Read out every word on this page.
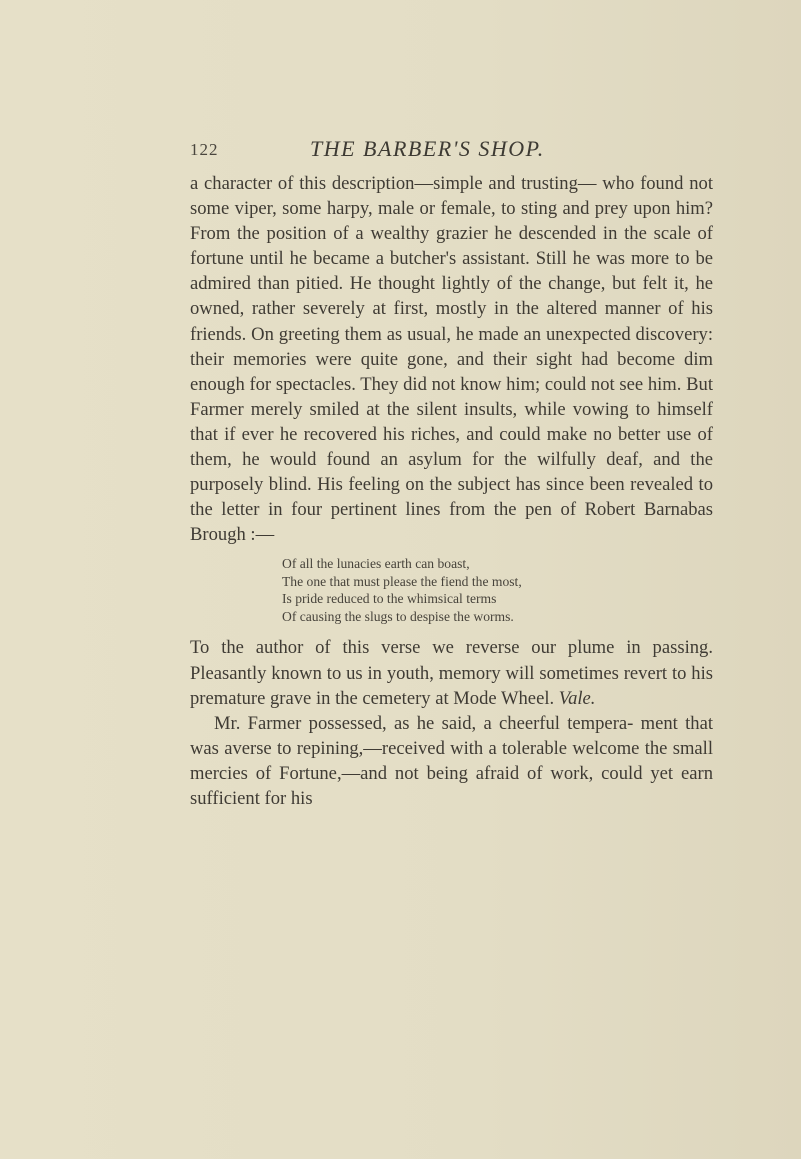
122	THE BARBER'S SHOP.

a character of this description—simple and trusting— who found not some viper, some harpy, male or female, to sting and prey upon him? From the position of a wealthy grazier he descended in the scale of fortune until he became a butcher's assistant. Still he was more to be admired than pitied. He thought lightly of the change, but felt it, he owned, rather severely at first, mostly in the altered manner of his friends. On greeting them as usual, he made an unexpected discovery: their memories were quite gone, and their sight had become dim enough for spectacles. They did not know him; could not see him. But Farmer merely smiled at the silent insults, while vowing to himself that if ever he recovered his riches, and could make no better use of them, he would found an asylum for the wilfully deaf, and the purposely blind. His feeling on the subject has since been revealed to the letter in four pertinent lines from the pen of Robert Barnabas Brough :—

Of all the lunacies earth can boast,
The one that must please the fiend the most,
Is pride reduced to the whimsical terms
Of causing the slugs to despise the worms.

To the author of this verse we reverse our plume in passing. Pleasantly known to us in youth, memory will sometimes revert to his premature grave in the cemetery at Mode Wheel. Vale.

Mr. Farmer possessed, as he said, a cheerful tempera- ment that was averse to repining,—received with a tolerable welcome the small mercies of Fortune,—and not being afraid of work, could yet earn sufficient for his
